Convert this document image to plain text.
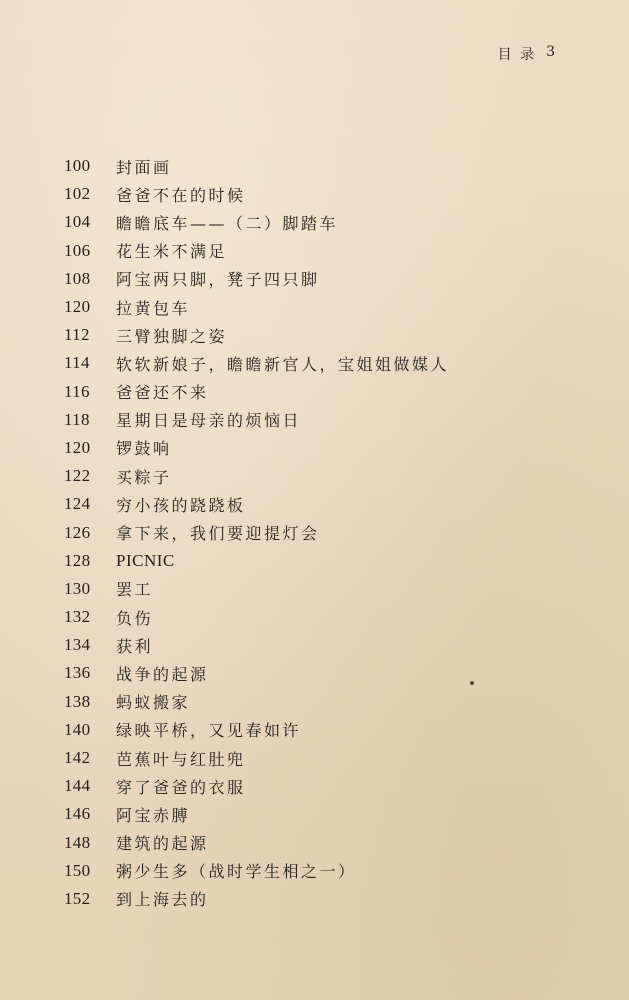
目 录 3
100	封面画
102	爸爸不在的时候
104	瞻瞻底车——（二）脚踏车
106	花生米不满足
108	阿宝两只脚，凳子四只脚
120	拉黄包车
112	三臂独脚之姿
114	软软新娘子，瞻瞻新官人，宝姐姐做媒人
116	爸爸还不来
118	星期日是母亲的烦恼日
120	锣鼓响
122	买粽子
124	穷小孩的跷跷板
126	拿下来，我们要迎提灯会
128	PICNIC
130	罢工
132	负伤
134	获利
136	战争的起源
138	蚂蚁搬家
140	绿映平桥，又见春如许
142	芭蕉叶与红肚兜
144	穿了爸爸的衣服
146	阿宝赤膊
148	建筑的起源
150	粥少生多（战时学生相之一）
152	到上海去的
